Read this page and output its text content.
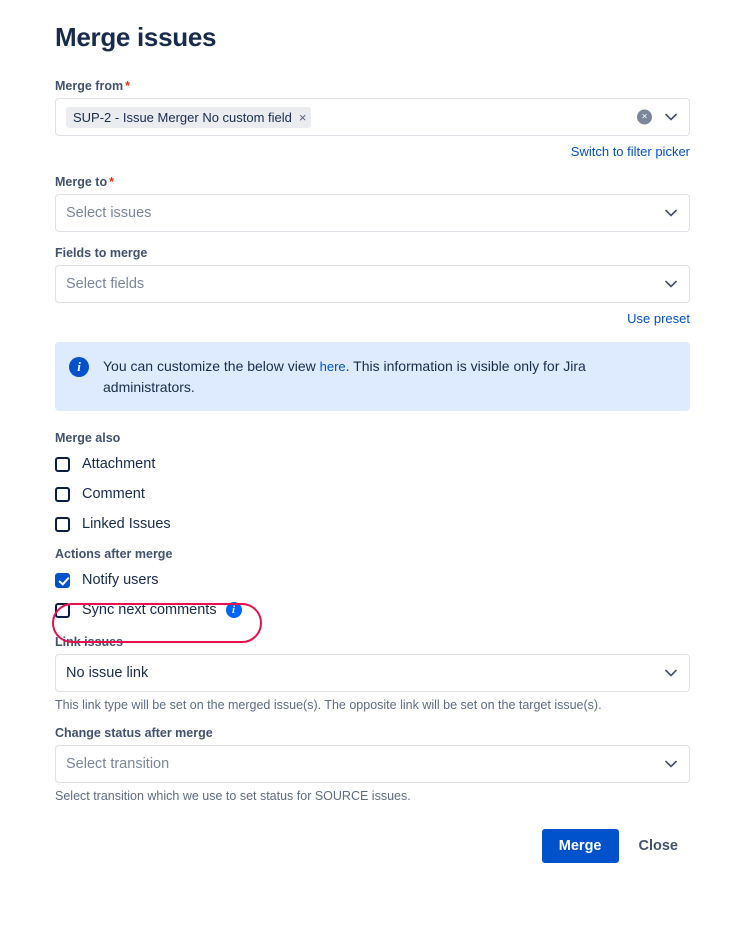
Merge issues
Merge from *
SUP-2 - Issue Merger No custom field ×	×
Switch to filter picker
Merge to *
Select issues
Fields to merge
Select fields
Use preset
i	You can customize the below view here. This information is visible only for Jira administrators.
Merge also
Attachment
Comment
Linked Issues
Actions after merge
Notify users
Sync next comments	i
Link issues
No issue link
This link type will be set on the merged issue(s). The opposite link will be set on the target issue(s).
Change status after merge
Select transition
Select transition which we use to set status for SOURCE issues.
Merge	Close
